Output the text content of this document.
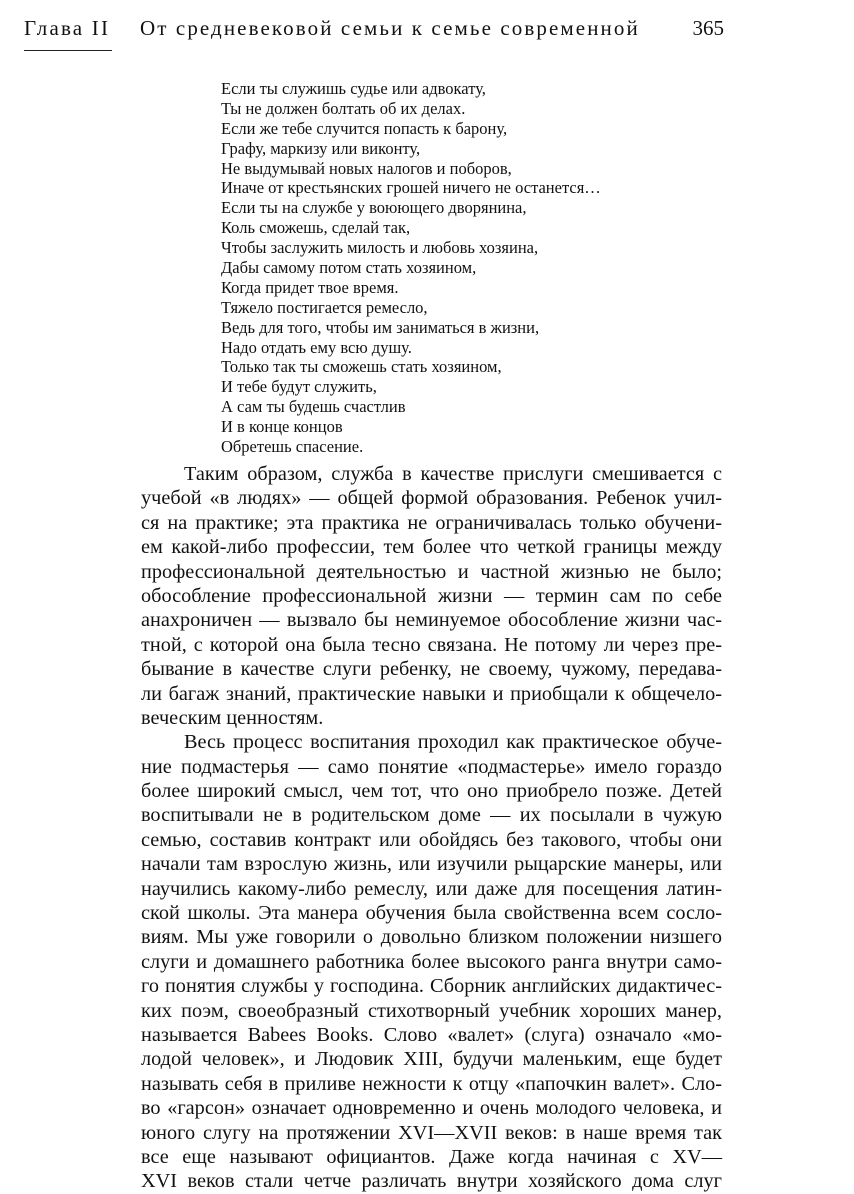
Глава II От средневековой семьи к семье современной	365
Если ты служишь судье или адвокату,
Ты не должен болтать об их делах.
Если же тебе случится попасть к барону,
Графу, маркизу или виконту,
Не выдумывай новых налогов и поборов,
Иначе от крестьянских грошей ничего не останется…
Если ты на службе у воюющего дворянина,
Коль сможешь, сделай так,
Чтобы заслужить милость и любовь хозяина,
Дабы самому потом стать хозяином,
Когда придет твое время.
Тяжело постигается ремесло,
Ведь для того, чтобы им заниматься в жизни,
Надо отдать ему всю душу.
Только так ты сможешь стать хозяином,
И тебе будут служить,
А сам ты будешь счастлив
И в конце концов
Обретешь спасение.
Таким образом, служба в качестве прислуги смешивается с
учебой «в людях» — общей формой образования. Ребенок учил-
ся на практике; эта практика не ограничивалась только обучени-
ем какой-либо профессии, тем более что четкой границы между
профессиональной деятельностью и частной жизнью не было;
обособление профессиональной жизни — термин сам по себе
анахроничен — вызвало бы неминуемое обособление жизни час-
тной, с которой она была тесно связана. Не потому ли через пре-
бывание в качестве слуги ребенку, не своему, чужому, передава-
ли багаж знаний, практические навыки и приобщали к общечело-
веческим ценностям.
Весь процесс воспитания проходил как практическое обуче-
ние подмастерья — само понятие «подмастерье» имело гораздо
более широкий смысл, чем тот, что оно приобрело позже. Детей
воспитывали не в родительском доме — их посылали в чужую
семью, составив контракт или обойдясь без такового, чтобы они
начали там взрослую жизнь, или изучили рыцарские манеры, или
научились какому-либо ремеслу, или даже для посещения латин-
ской школы. Эта манера обучения была свойственна всем сосло-
виям. Мы уже говорили о довольно близком положении низшего
слуги и домашнего работника более высокого ранга внутри само-
го понятия службы у господина. Сборник английских дидактичес-
ких поэм, своеобразный стихотворный учебник хороших манер,
называется Babees Books. Слово «валет» (слуга) означало «мо-
лодой человек», и Людовик XIII, будучи маленьким, еще будет
называть себя в приливе нежности к отцу «папочкин валет». Сло-
во «гарсон» означает одновременно и очень молодого человека, и
юного слугу на протяжении XVI—XVII веков: в наше время так
все еще называют официантов. Даже когда начиная с XV—
XVI веков стали четче различать внутри хозяйского дома слуг
